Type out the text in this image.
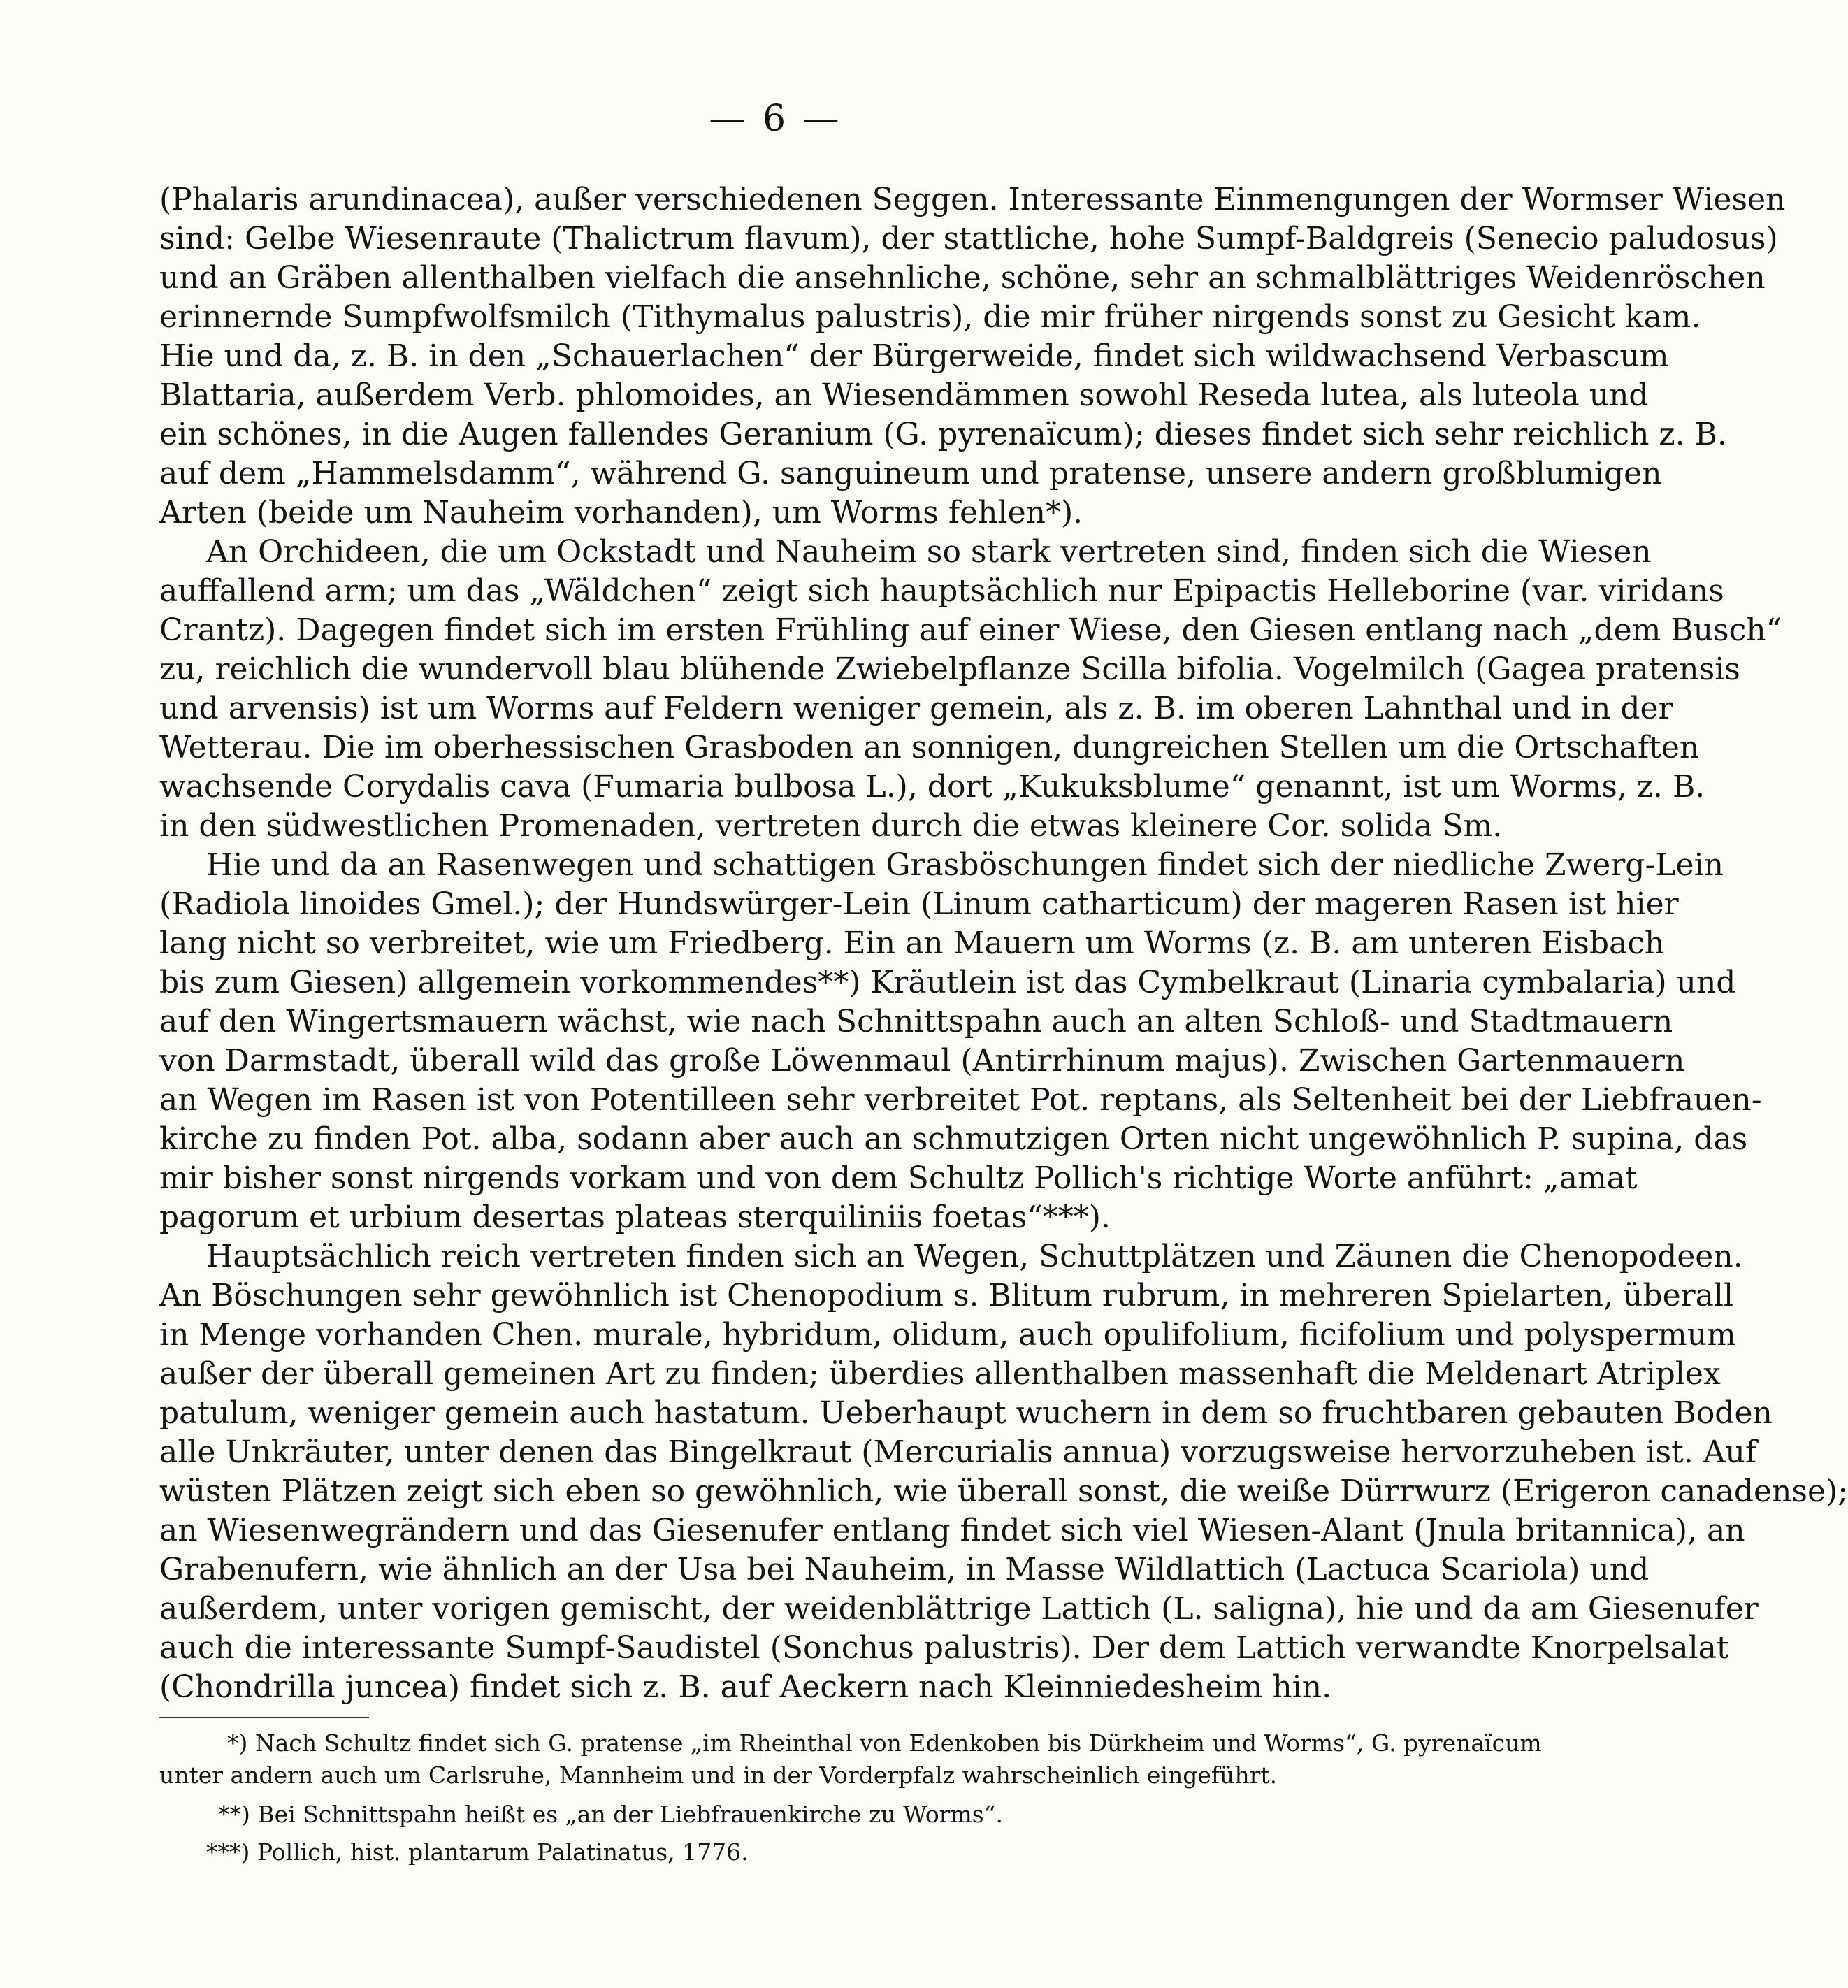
— 6 —
(Phalaris arundinacea), außer verschiedenen Seggen. Interessante Einmengungen der Wormser Wiesen
sind: Gelbe Wiesenraute (Thalictrum flavum), der stattliche, hohe Sumpf-Baldgreis (Senecio paludosus)
und an Gräben allenthalben vielfach die ansehnliche, schöne, sehr an schmalblättriges Weidenröschen
erinnernde Sumpfwolfsmilch (Tithymalus palustris), die mir früher nirgends sonst zu Gesicht kam.
Hie und da, z. B. in den „Schauerlachen“ der Bürgerweide, findet sich wildwachsend Verbascum
Blattaria, außerdem Verb. phlomoides, an Wiesendämmen sowohl Reseda lutea, als luteola und
ein schönes, in die Augen fallendes Geranium (G. pyrenaïcum); dieses findet sich sehr reichlich z. B.
auf dem „Hammelsdamm“, während G. sanguineum und pratense, unsere andern großblumigen
Arten (beide um Nauheim vorhanden), um Worms fehlen*).
An Orchideen, die um Ockstadt und Nauheim so stark vertreten sind, finden sich die Wiesen
auffallend arm; um das „Wäldchen“ zeigt sich hauptsächlich nur Epipactis Helleborine (var. viridans
Crantz). Dagegen findet sich im ersten Frühling auf einer Wiese, den Giesen entlang nach „dem Busch“
zu, reichlich die wundervoll blau blühende Zwiebelpflanze Scilla bifolia. Vogelmilch (Gagea pratensis
und arvensis) ist um Worms auf Feldern weniger gemein, als z. B. im oberen Lahnthal und in der
Wetterau. Die im oberhessischen Grasboden an sonnigen, dungreichen Stellen um die Ortschaften
wachsende Corydalis cava (Fumaria bulbosa L.), dort „Kukuksblume“ genannt, ist um Worms, z. B.
in den südwestlichen Promenaden, vertreten durch die etwas kleinere Cor. solida Sm.
Hie und da an Rasenwegen und schattigen Grasböschungen findet sich der niedliche Zwerg-Lein
(Radiola linoides Gmel.); der Hundswürger-Lein (Linum catharticum) der mageren Rasen ist hier
lang nicht so verbreitet, wie um Friedberg. Ein an Mauern um Worms (z. B. am unteren Eisbach
bis zum Giesen) allgemein vorkommendes**) Kräutlein ist das Cymbelkraut (Linaria cymbalaria) und
auf den Wingertsmauern wächst, wie nach Schnittspahn auch an alten Schloß- und Stadtmauern
von Darmstadt, überall wild das große Löwenmaul (Antirrhinum majus). Zwischen Gartenmauern
an Wegen im Rasen ist von Potentilleen sehr verbreitet Pot. reptans, als Seltenheit bei der Liebfrauen-
kirche zu finden Pot. alba, sodann aber auch an schmutzigen Orten nicht ungewöhnlich P. supina, das
mir bisher sonst nirgends vorkam und von dem Schultz Pollich's richtige Worte anführt: „amat
pagorum et urbium desertas plateas sterquiliniis foetas“***).
Hauptsächlich reich vertreten finden sich an Wegen, Schuttplätzen und Zäunen die Chenopodeen.
An Böschungen sehr gewöhnlich ist Chenopodium s. Blitum rubrum, in mehreren Spielarten, überall
in Menge vorhanden Chen. murale, hybridum, olidum, auch opulifolium, ficifolium und polyspermum
außer der überall gemeinen Art zu finden; überdies allenthalben massenhaft die Meldenart Atriplex
patulum, weniger gemein auch hastatum. Ueberhaupt wuchern in dem so fruchtbaren gebauten Boden
alle Unkräuter, unter denen das Bingelkraut (Mercurialis annua) vorzugsweise hervorzuheben ist. Auf
wüsten Plätzen zeigt sich eben so gewöhnlich, wie überall sonst, die weiße Dürrwurz (Erigeron canadense);
an Wiesenwegrändern und das Giesenufer entlang findet sich viel Wiesen-Alant (Jnula britannica), an
Grabenufern, wie ähnlich an der Usa bei Nauheim, in Masse Wildlattich (Lactuca Scariola) und
außerdem, unter vorigen gemischt, der weidenblättrige Lattich (L. saligna), hie und da am Giesenufer
auch die interessante Sumpf-Saudistel (Sonchus palustris). Der dem Lattich verwandte Knorpelsalat
(Chondrilla juncea) findet sich z. B. auf Aeckern nach Kleinniedesheim hin.
*) Nach Schultz findet sich G. pratense „im Rheinthal von Edenkoben bis Dürkheim und Worms“, G. pyrenaïcum
unter andern auch um Carlsruhe, Mannheim und in der Vorderpfalz wahrscheinlich eingeführt.
**) Bei Schnittspahn heißt es „an der Liebfrauenkirche zu Worms“.
***) Pollich, hist. plantarum Palatinatus, 1776.
